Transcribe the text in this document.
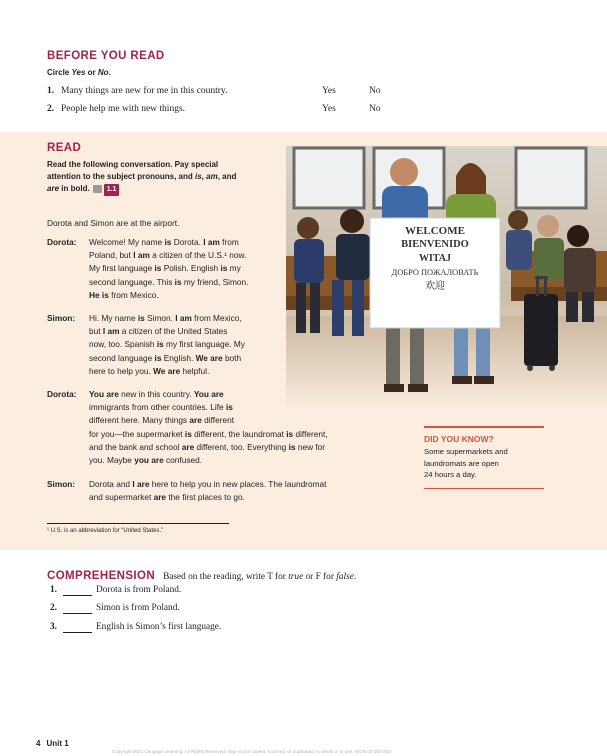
BEFORE YOU READ
Circle Yes or No.
1. Many things are new for me in this country.	Yes	No
2. People help me with new things.	Yes	No
READ
Read the following conversation. Pay special
attention to the subject pronouns, and is, am, and
are in bold. 1.1
Dorota and Simon are at the airport.
Dorota: Welcome! My name is Dorota. I am from
Poland, but I am a citizen of the U.S.¹ now.
My first language is Polish. English is my
second language. This is my friend, Simon.
He is from Mexico.
Simon: Hi. My name is Simon. I am from Mexico,
but I am a citizen of the United States
now, too. Spanish is my first language. My
second language is English. We are both
here to help you. We are helpful.
Dorota: You are new in this country. You are
immigrants from other countries. Life is
different here. Many things are different
for you—the supermarket is different, the laundromat is different,
and the bank and school are different, too. Everything is new for
you. Maybe you are confused.
Simon: Dorota and I are here to help you in new places. The laundromat
and supermarket are the first places to go.
¹ U.S. is an abbreviation for “United States.”
WELCOME
BIENVENIDO
WITAJ
ДОБРО ПОЖАЛОВАТЬ
欢迎
DID YOU KNOW?
Some supermarkets and
laundromats are open
24 hours a day.
COMPREHENSION Based on the reading, write T for true or F for false.
1.	Dorota is from Poland.
2.	Simon is from Poland.
3.	English is Simon’s first language.
4 Unit 1
Copyright 2021 Cengage Learning. All Rights Reserved. May not be copied, scanned, or duplicated, in whole or in part. WCN 02-200-203
